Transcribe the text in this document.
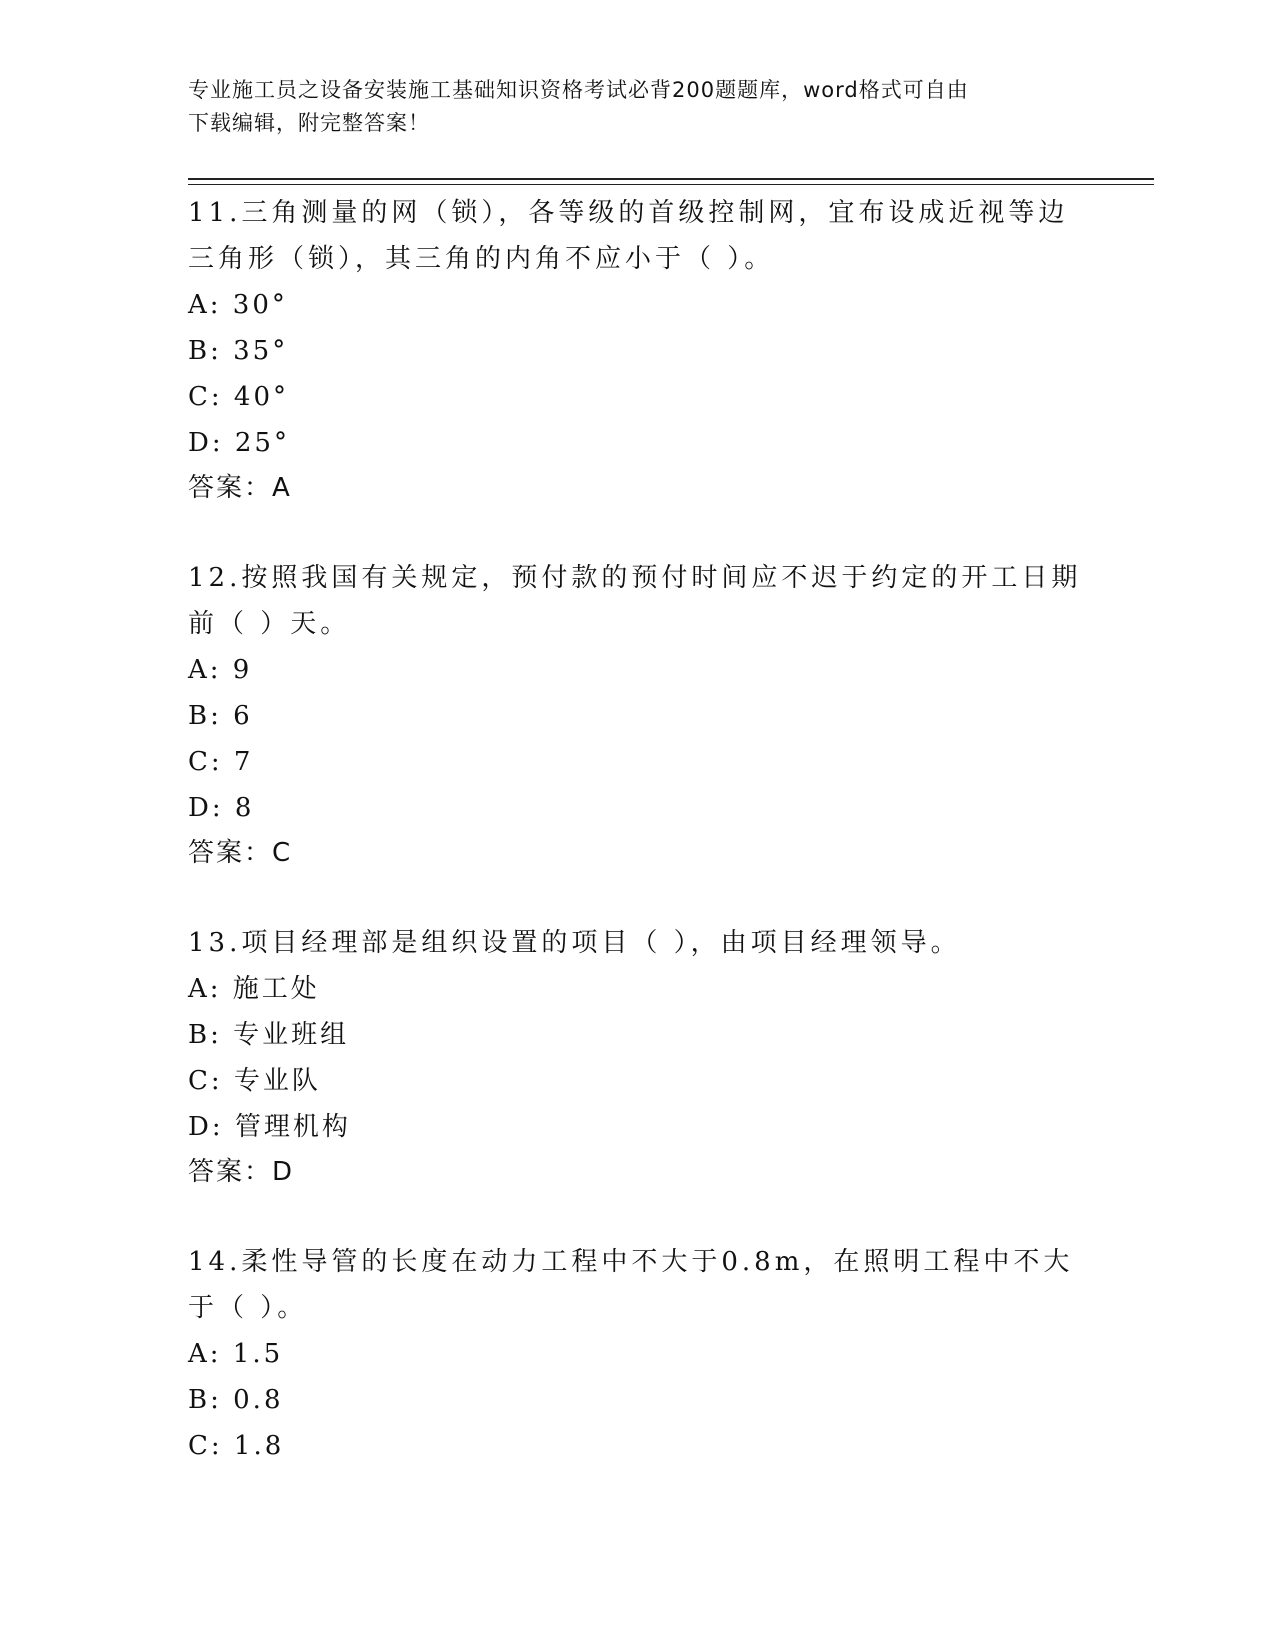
专业施工员之设备安装施工基础知识资格考试必背200题题库，word格式可自由
下载编辑，附完整答案！

11.三角测量的网（锁），各等级的首级控制网，宜布设成近视等边三角形（锁），其三角的内角不应小于（ ）。

A: 30°
B: 35°
C: 40°
D: 25°
答案：A

12.按照我国有关规定，预付款的预付时间应不迟于约定的开工日期前（ ）天。

A: 9
B: 6
C: 7
D: 8
答案：C

13.项目经理部是组织设置的项目（ ），由项目经理领导。

A: 施工处
B: 专业班组
C: 专业队
D: 管理机构
答案：D

14.柔性导管的长度在动力工程中不大于0.8m，在照明工程中不大于（ ）。

A: 1.5
B: 0.8
C: 1.8
